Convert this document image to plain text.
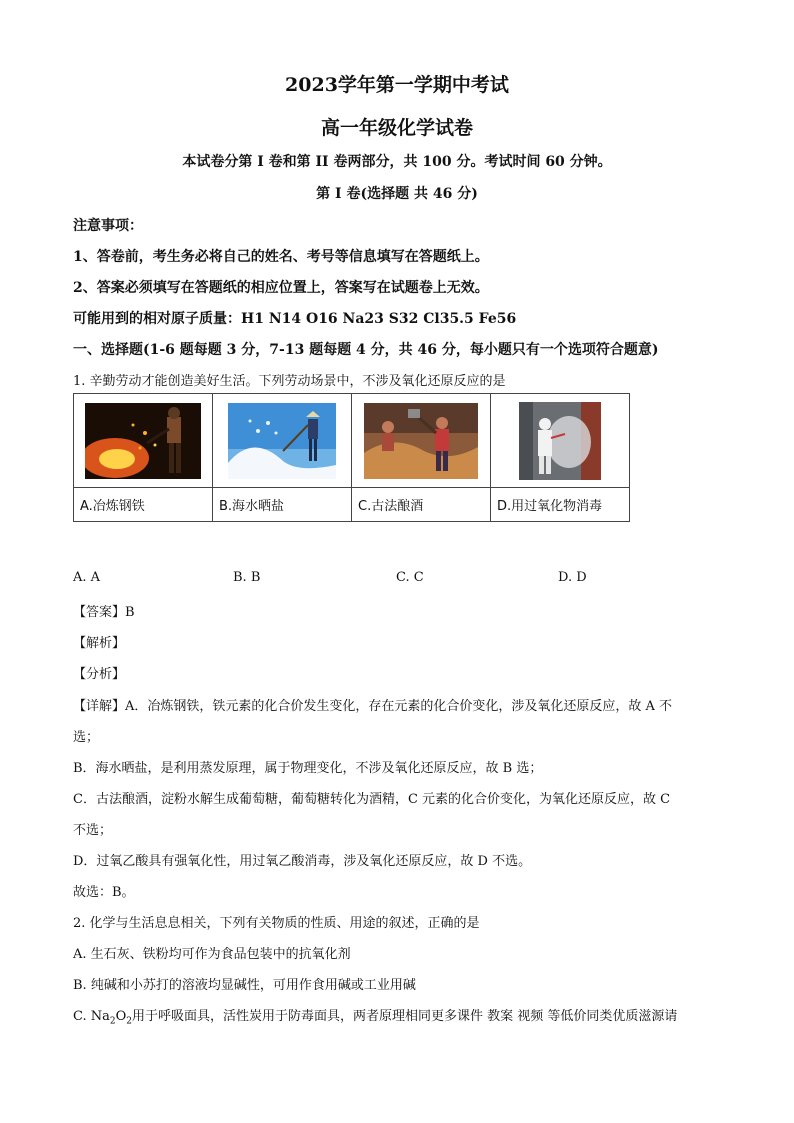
2023学年第一学期中考试
高一年级化学试卷
本试卷分第 I 卷和第 II 卷两部分，共 100 分。考试时间 60 分钟。
第 I 卷(选择题 共 46 分)
注意事项：
1、答卷前，考生务必将自己的姓名、考号等信息填写在答题纸上。
2、答案必须填写在答题纸的相应位置上，答案写在试题卷上无效。
可能用到的相对原子质量：H1 N14 O16 Na23 S32 Cl35.5 Fe56
一、选择题(1-6 题每题 3 分，7-13 题每题 4 分，共 46 分，每小题只有一个选项符合题意)
1. 辛勤劳动才能创造美好生活。下列劳动场景中，不涉及氧化还原反应的是

A.冶炼钢铁	B.海水晒盐	C.古法酿酒	D.用过氧化物消毒
A. A	B. B	C. C	D. D
【答案】B
【解析】
【分析】
【详解】A．冶炼钢铁，铁元素的化合价发生变化，存在元素的化合价变化，涉及氧化还原反应，故 A 不
选；
B．海水晒盐，是利用蒸发原理，属于物理变化，不涉及氧化还原反应，故 B 选；
C．古法酿酒，淀粉水解生成葡萄糖，葡萄糖转化为酒精，C 元素的化合价变化，为氧化还原反应，故 C
不选；
D．过氧乙酸具有强氧化性，用过氧乙酸消毒，涉及氧化还原反应，故 D 不选。
故选：B。
2. 化学与生活息息相关，下列有关物质的性质、用途的叙述，正确的是
A. 生石灰、铁粉均可作为食品包装中的抗氧化剂
B. 纯碱和小苏打的溶液均显碱性，可用作食用碱或工业用碱
C. $Na_2O_2$用于呼吸面具，活性炭用于防毒面具，两者原理相同更多课件 教案 视频 等低价同类优质滋源请
